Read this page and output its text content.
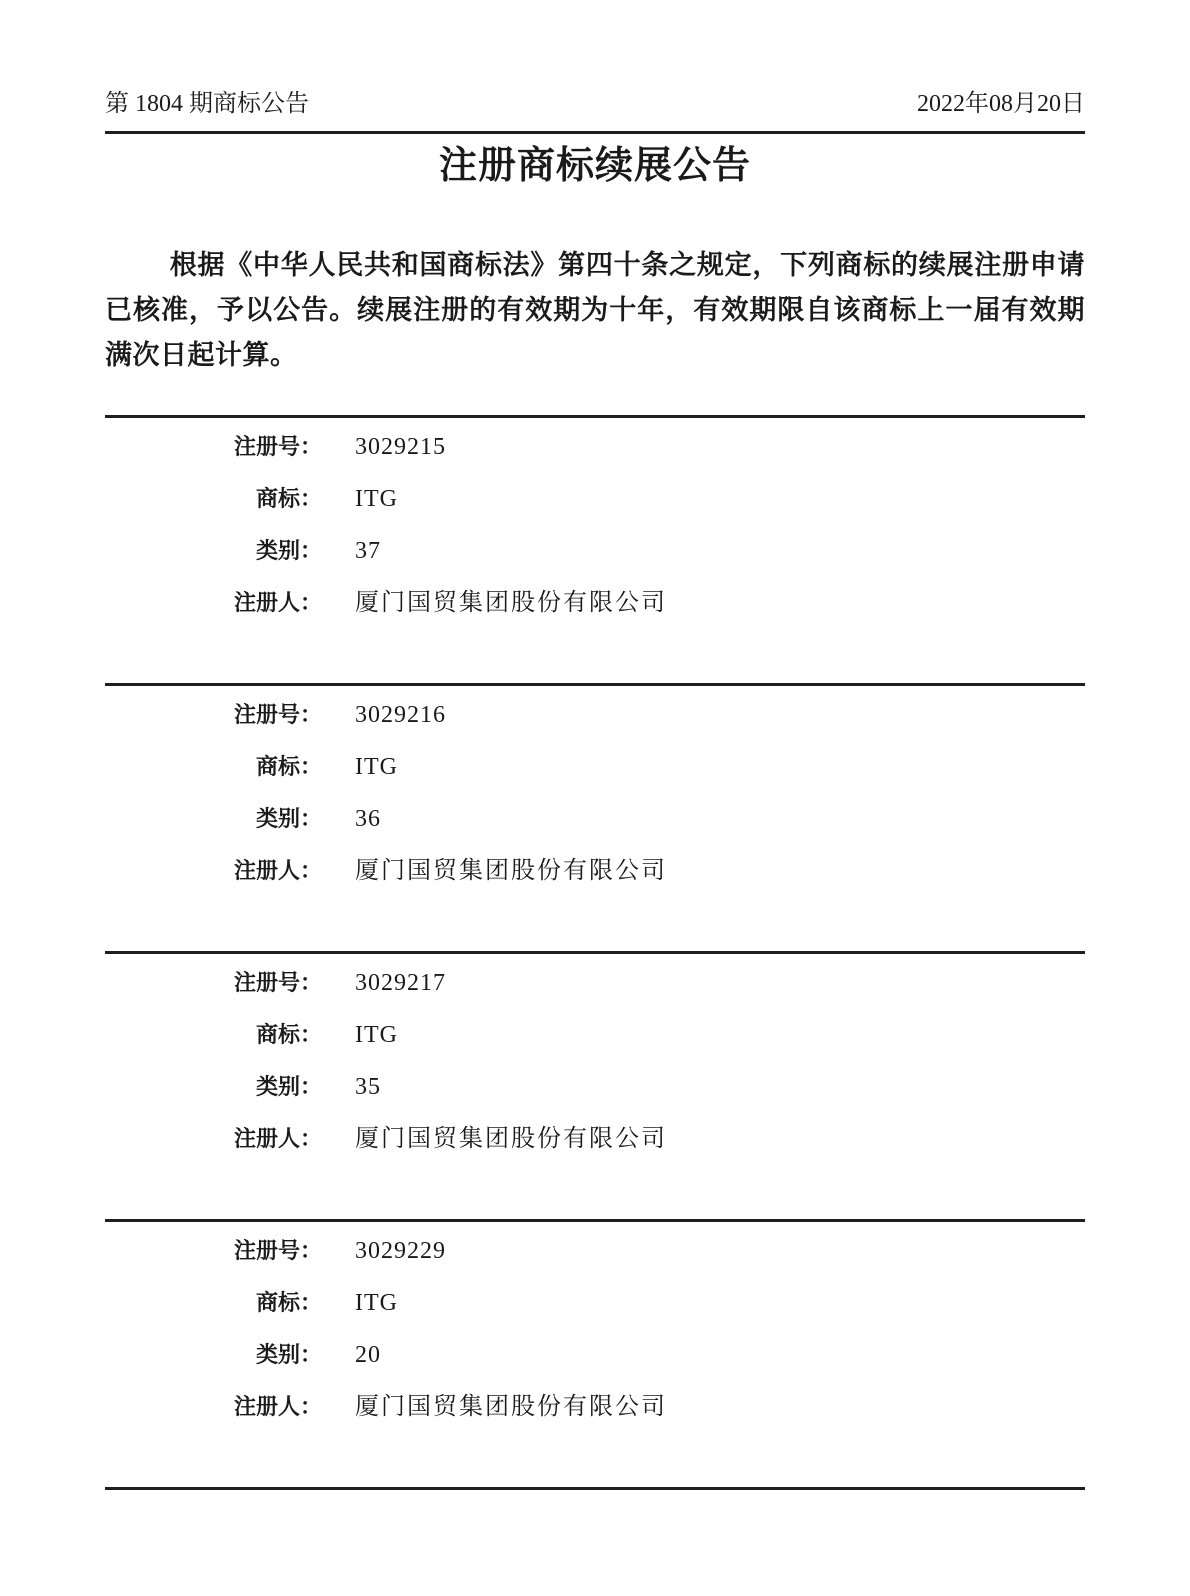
第 1804 期商标公告	2022年08月20日
注册商标续展公告

根据《中华人民共和国商标法》第四十条之规定，下列商标的续展注册申请已核准，予以公告。续展注册的有效期为十年，有效期限自该商标上一届有效期满次日起计算。

注册号： 3029215
商标： ITG
类别： 37
注册人： 厦门国贸集团股份有限公司
注册号： 3029216
商标： ITG
类别： 36
注册人： 厦门国贸集团股份有限公司
注册号： 3029217
商标： ITG
类别： 35
注册人： 厦门国贸集团股份有限公司
注册号： 3029229
商标： ITG
类别： 20
注册人： 厦门国贸集团股份有限公司
